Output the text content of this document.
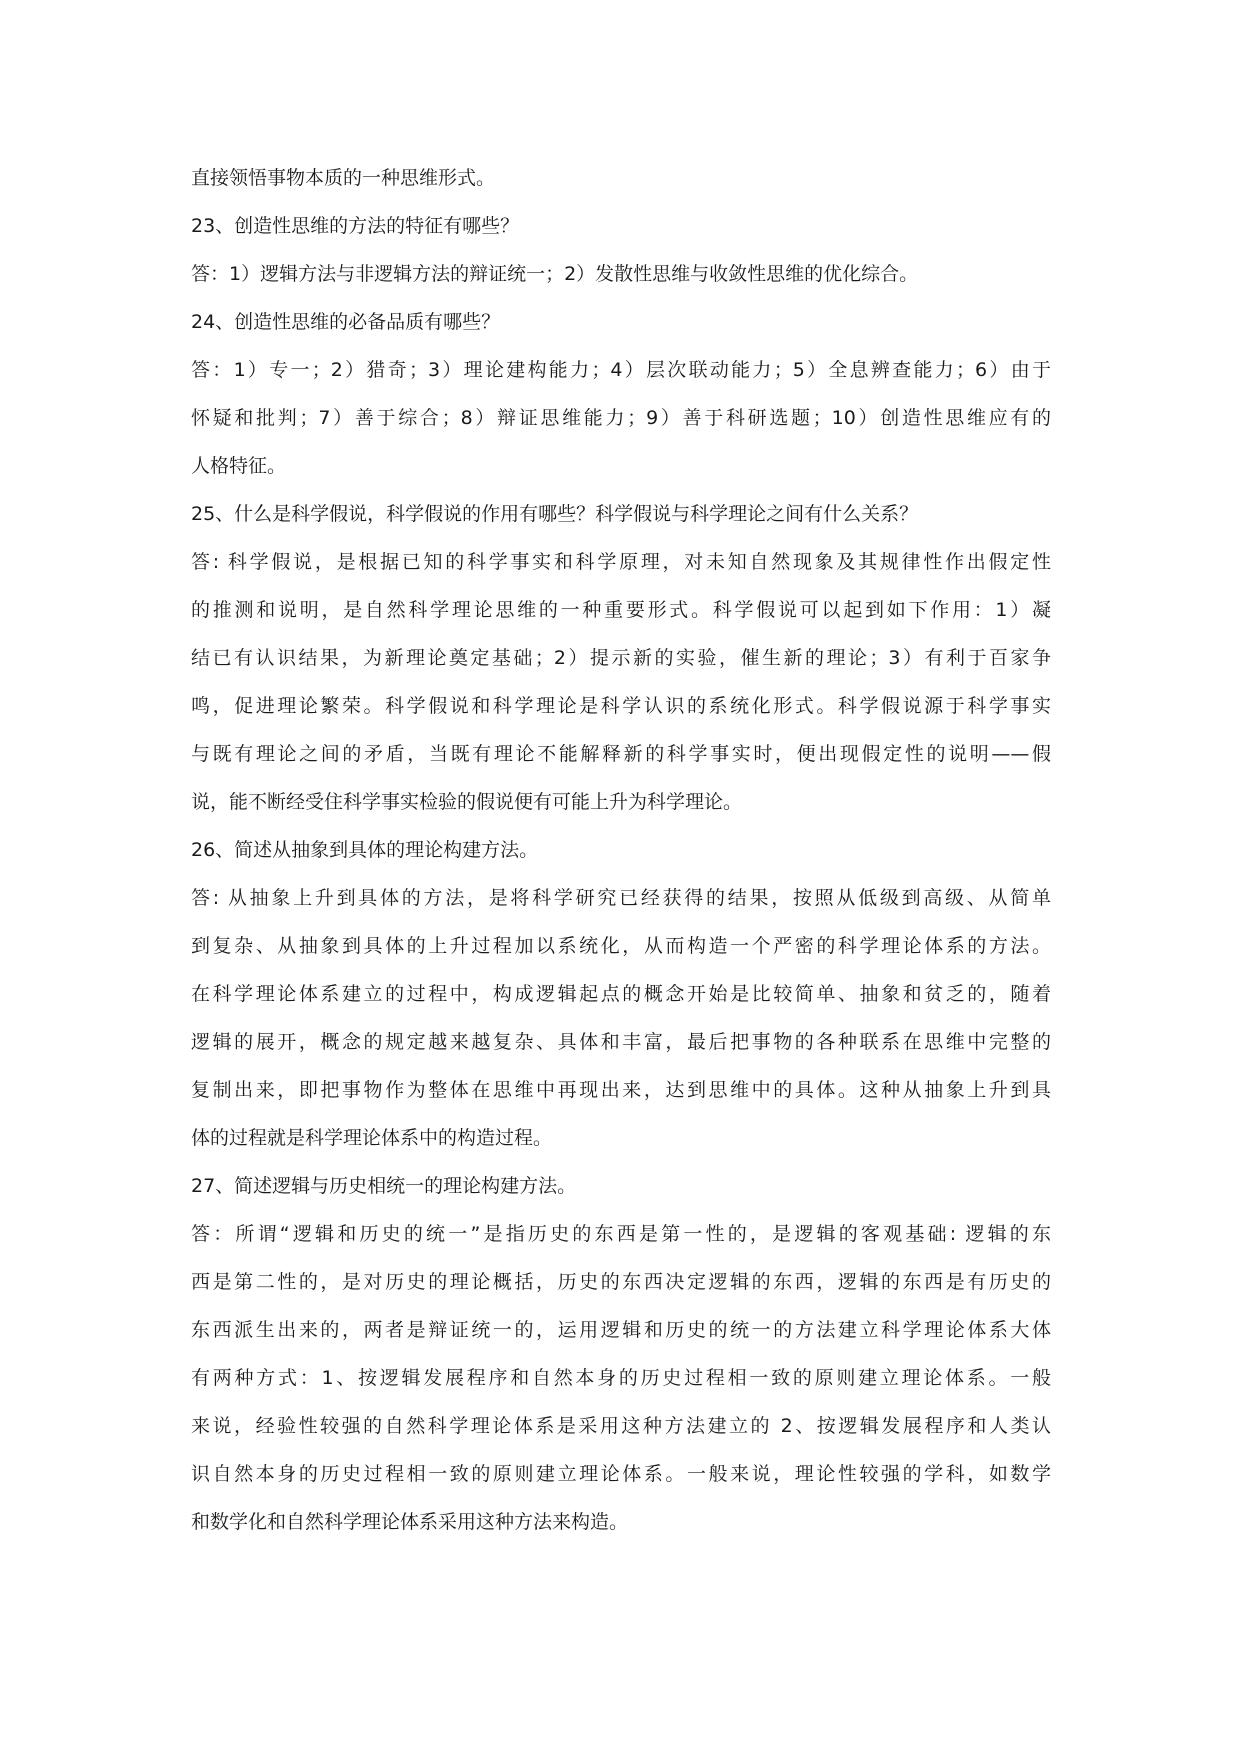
直接领悟事物本质的一种思维形式。
23、创造性思维的方法的特征有哪些？
答：1）逻辑方法与非逻辑方法的辩证统一；2）发散性思维与收敛性思维的优化综合。
24、创造性思维的必备品质有哪些？
答：1）专一；2）猎奇；3）理论建构能力；4）层次联动能力；5）全息辨查能力；6）由于
怀疑和批判；7）善于综合；8）辩证思维能力；9）善于科研选题；10）创造性思维应有的
人格特征。
25、什么是科学假说，科学假说的作用有哪些？科学假说与科学理论之间有什么关系？
答: 科学假说，是根据已知的科学事实和科学原理，对未知自然现象及其规律性作出假定性
的推测和说明，是自然科学理论思维的一种重要形式。科学假说可以起到如下作用：1）凝
结已有认识结果，为新理论奠定基础；2）提示新的实验，催生新的理论；3）有利于百家争
鸣，促进理论繁荣。科学假说和科学理论是科学认识的系统化形式。科学假说源于科学事实
与既有理论之间的矛盾，当既有理论不能解释新的科学事实时，便出现假定性的说明——假
说，能不断经受住科学事实检验的假说便有可能上升为科学理论。
26、简述从抽象到具体的理论构建方法。
答: 从抽象上升到具体的方法，是将科学研究已经获得的结果，按照从低级到高级、从简单
到复杂、从抽象到具体的上升过程加以系统化，从而构造一个严密的科学理论体系的方法。
在科学理论体系建立的过程中，构成逻辑起点的概念开始是比较简单、抽象和贫乏的，随着
逻辑的展开，概念的规定越来越复杂、具体和丰富，最后把事物的各种联系在思维中完整的
复制出来，即把事物作为整体在思维中再现出来，达到思维中的具体。这种从抽象上升到具
体的过程就是科学理论体系中的构造过程。
27、简述逻辑与历史相统一的理论构建方法。
答：所谓“逻辑和历史的统一”是指历史的东西是第一性的，是逻辑的客观基础: 逻辑的东
西是第二性的，是对历史的理论概括，历史的东西决定逻辑的东西，逻辑的东西是有历史的
东西派生出来的，两者是辩证统一的，运用逻辑和历史的统一的方法建立科学理论体系大体
有两种方式：1、按逻辑发展程序和自然本身的历史过程相一致的原则建立理论体系。一般
来说，经验性较强的自然科学理论体系是采用这种方法建立的 2、按逻辑发展程序和人类认
识自然本身的历史过程相一致的原则建立理论体系。一般来说，理论性较强的学科，如数学
和数学化和自然科学理论体系采用这种方法来构造。
